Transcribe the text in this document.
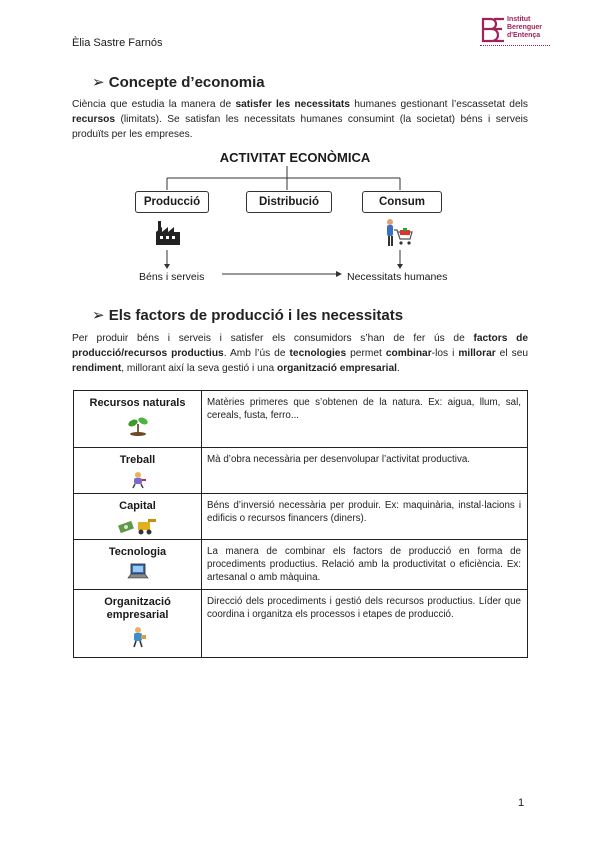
Èlia Sastre Farnós
Institut
Berenguer
d'Entença
➢ Concepte d’economia
Ciència que estudia la manera de satisfer les necessitats humanes gestionant l’escassetat dels recursos (limitats). Se satisfan les necessitats humanes consumint (la societat) béns i serveis produïts per les empreses.
ACTIVITAT ECONÒMICA
Producció	Distribució	Consum
Béns i serveis	Necessitats humanes
➢ Els factors de producció i les necessitats
Per produir béns i serveis i satisfer els consumidors s’han de fer ús de factors de producció/recursos productius. Amb l’ús de tecnologies permet combinar-los i millorar el seu rendiment, millorant així la seva gestió i una organització empresarial.
Recursos naturals	Matèries primeres que s’obtenen de la natura. Ex: aigua, llum, sal, cereals, fusta, ferro...

Treball	Mà d’obra necessària per desenvolupar l’activitat productiva.

Capital	Béns d’inversió necessària per produir. Ex: maquinària, instal·lacions i edificis o recursos financers (diners).

Tecnologia	La manera de combinar els factors de producció en forma de procediments productius. Relació amb la productivitat o eficiència. Ex: artesanal o amb màquina.

Organització empresarial	Direcció dels procediments i gestió dels recursos productius. Líder que coordina i organitza els processos i etapes de producció.
1
